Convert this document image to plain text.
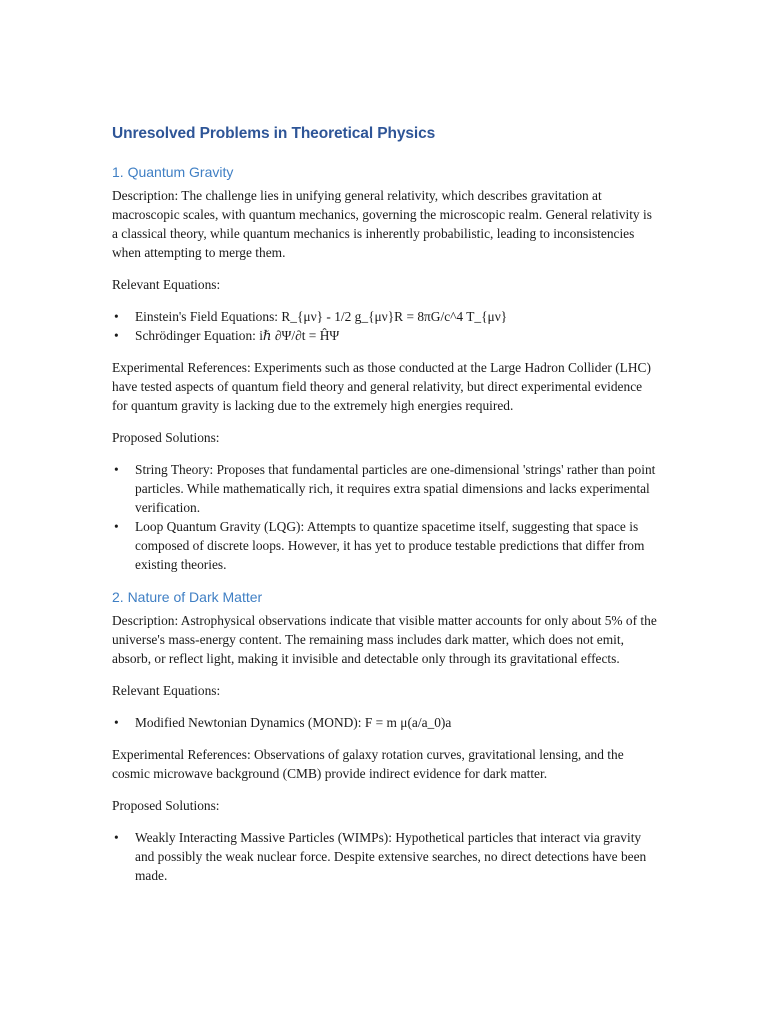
Unresolved Problems in Theoretical Physics
1. Quantum Gravity

Description: The challenge lies in unifying general relativity, which describes gravitation at macroscopic scales, with quantum mechanics, governing the microscopic realm. General relativity is a classical theory, while quantum mechanics is inherently probabilistic, leading to inconsistencies when attempting to merge them.

Relevant Equations:

• Einstein's Field Equations: R_{μν} - 1/2 g_{μν}R = 8πG/c^4 T_{μν}
• Schrödinger Equation: iℏ ∂Ψ/∂t = ĤΨ

Experimental References: Experiments such as those conducted at the Large Hadron Collider (LHC) have tested aspects of quantum field theory and general relativity, but direct experimental evidence for quantum gravity is lacking due to the extremely high energies required.

Proposed Solutions:

• String Theory: Proposes that fundamental particles are one-dimensional 'strings' rather than point particles. While mathematically rich, it requires extra spatial dimensions and lacks experimental verification.
• Loop Quantum Gravity (LQG): Attempts to quantize spacetime itself, suggesting that space is composed of discrete loops. However, it has yet to produce testable predictions that differ from existing theories.
2. Nature of Dark Matter

Description: Astrophysical observations indicate that visible matter accounts for only about 5% of the universe's mass-energy content. The remaining mass includes dark matter, which does not emit, absorb, or reflect light, making it invisible and detectable only through its gravitational effects.

Relevant Equations:

• Modified Newtonian Dynamics (MOND): F = m μ(a/a_0)a

Experimental References: Observations of galaxy rotation curves, gravitational lensing, and the cosmic microwave background (CMB) provide indirect evidence for dark matter.

Proposed Solutions:

• Weakly Interacting Massive Particles (WIMPs): Hypothetical particles that interact via gravity and possibly the weak nuclear force. Despite extensive searches, no direct detections have been made.
